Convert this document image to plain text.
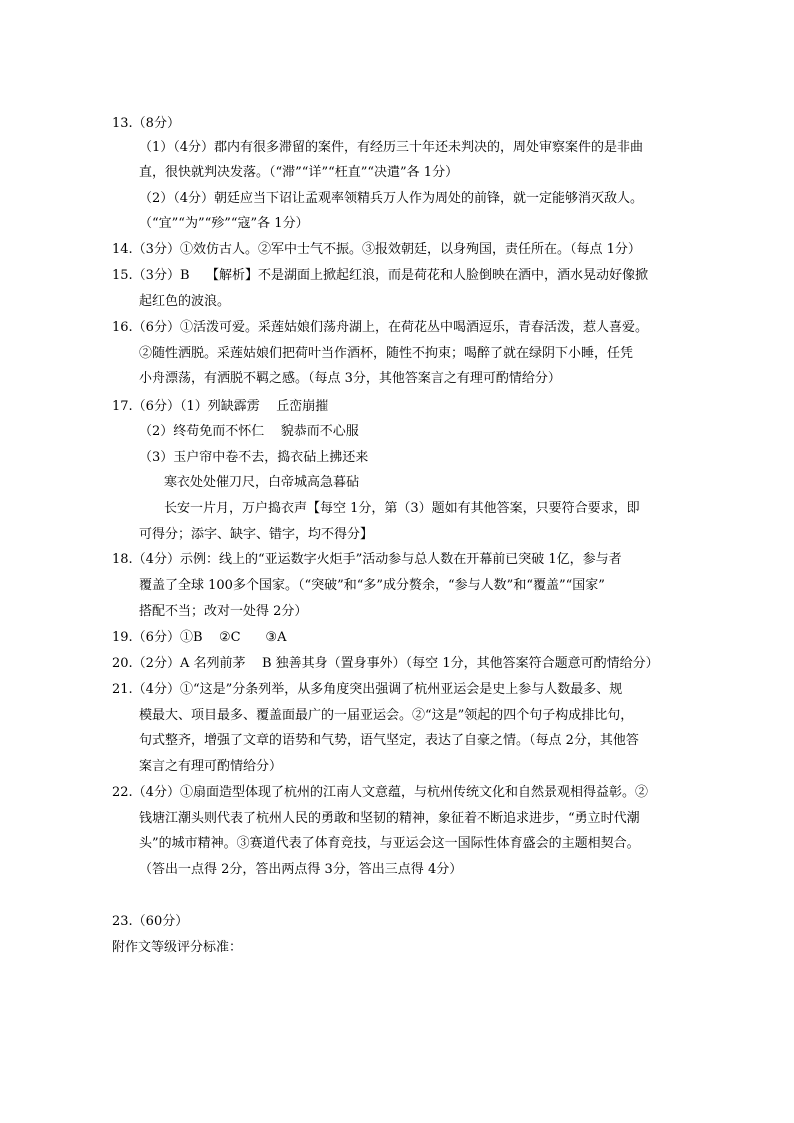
13.（8分）
（1）（4分）郡内有很多滞留的案件，有经历三十年还未判决的，周处审察案件的是非曲
直，很快就判决发落。（“滞”“详”“枉直”“决遣”各 1分）
（2）（4分）朝廷应当下诏让孟观率领精兵万人作为周处的前锋，就一定能够消灭敌人。
（“宜”“为”“殄”“寇”各 1分）
14.（3分）①效仿古人。②军中士气不振。③报效朝廷，以身殉国，责任所在。（每点 1分）
15.（3分）B    【解析】不是湖面上掀起红浪，而是荷花和人脸倒映在酒中，酒水晃动好像掀
起红色的波浪。
16.（6分）①活泼可爱。采莲姑娘们荡舟湖上，在荷花丛中喝酒逗乐，青春活泼，惹人喜爱。
②随性洒脱。采莲姑娘们把荷叶当作酒杯，随性不拘束；喝醉了就在绿阴下小睡，任凭
小舟漂荡，有洒脱不羁之感。（每点 3分，其他答案言之有理可酌情给分）
17.（6分）（1）列缺霹雳    丘峦崩摧
（2）终苟免而不怀仁    貌恭而不心服
（3）玉户帘中卷不去，捣衣砧上拂还来
寒衣处处催刀尺，白帝城高急暮砧
长安一片月，万户捣衣声【每空 1分，第（3）题如有其他答案，只要符合要求，即
可得分；添字、缺字、错字，均不得分】
18.（4分）示例：线上的“亚运数字火炬手”活动参与总人数在开幕前已突破 1亿，参与者
覆盖了全球 100多个国家。（“突破”和“多”成分赘余，“参与人数”和“覆盖”“国家”
搭配不当；改对一处得 2分）
19.（6分）①B    ②C      ③A
20.（2分）A 名列前茅    B 独善其身（置身事外）（每空 1分，其他答案符合题意可酌情给分）
21.（4分）①“这是”分条列举，从多角度突出强调了杭州亚运会是史上参与人数最多、规
模最大、项目最多、覆盖面最广的一届亚运会。②“这是”领起的四个句子构成排比句，
句式整齐，增强了文章的语势和气势，语气坚定，表达了自豪之情。（每点 2分，其他答
案言之有理可酌情给分）
22.（4分）①扇面造型体现了杭州的江南人文意蕴，与杭州传统文化和自然景观相得益彰。②
钱塘江潮头则代表了杭州人民的勇敢和坚韧的精神，象征着不断追求进步，“勇立时代潮
头”的城市精神。③赛道代表了体育竞技，与亚运会这一国际性体育盛会的主题相契合。
（答出一点得 2分，答出两点得 3分，答出三点得 4分）
23.（60分）
附作文等级评分标准：
